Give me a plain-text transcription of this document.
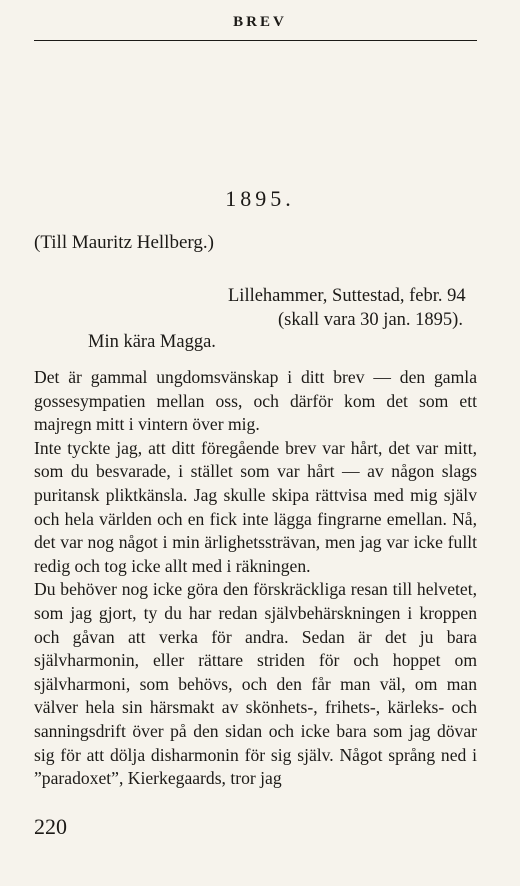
BREV
1895.
(Till Mauritz Hellberg.)
Lillehammer, Suttestad, febr. 94
(skall vara 30 jan. 1895).
Min kära Magga.

Det är gammal ungdomsvänskap i ditt brev — den gamla gossesympatien mellan oss, och därför kom det som ett majregn mitt i vintern över mig.

Inte tyckte jag, att ditt föregående brev var hårt, det var mitt, som du besvarade, i stället som var hårt — av någon slags puritansk pliktkänsla. Jag skulle skipa rättvisa med mig själv och hela världen och en fick inte lägga fingrarne emellan. Nå, det var nog något i min ärlighetssträvan, men jag var icke fullt redig och tog icke allt med i räkningen.

Du behöver nog icke göra den förskräckliga resan till helvetet, som jag gjort, ty du har redan självbehärskningen i kroppen och gåvan att verka för andra. Sedan är det ju bara självharmonin, eller rättare striden för och hoppet om självharmoni, som behövs, och den får man väl, om man välver hela sin härsmakt av skönhets-, frihets-, kärleks- och sanningsdrift över på den sidan och icke bara som jag dövar sig för att dölja disharmonin för sig själv. Något språng ned i ”paradoxet”, Kierkegaards, tror jag

220
